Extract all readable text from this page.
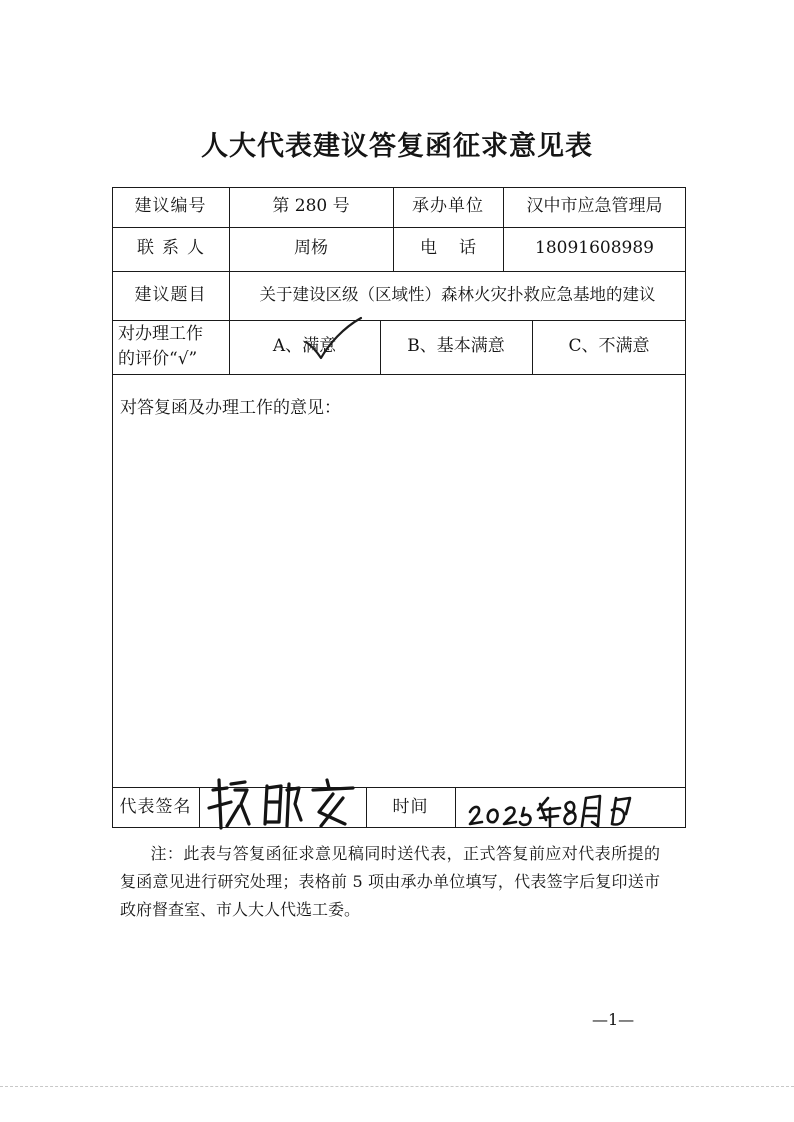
人大代表建议答复函征求意见表
建议编号	第 280 号	承办单位	汉中市应急管理局
联系人	周杨	电话	18091608989
建议题目	关于建设区级（区域性）森林火灾扑救应急基地的建议
对办理工作
的评价“√”
A、满意	B、基本满意	C、不满意
对答复函及办理工作的意见：
代表签名	时间
注：此表与答复函征求意见稿同时送代表，正式答复前应对代表所提的复函意见进行研究处理；表格前 5 项由承办单位填写，代表签字后复印送市政府督查室、市人大人代选工委。
—1—
